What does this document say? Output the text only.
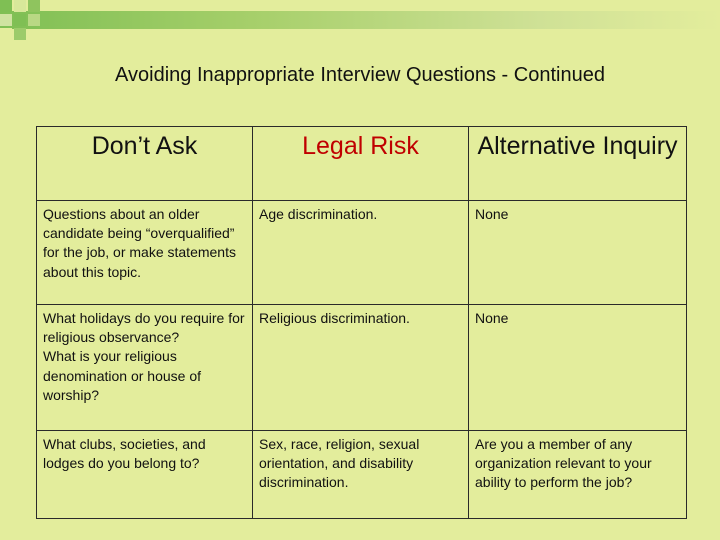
Avoiding Inappropriate Interview Questions - Continued
Don’t Ask	Legal Risk	Alternative Inquiry

Questions about an older candidate being “overqualified” for the job, or make statements about this topic.	Age discrimination.	None

What holidays do you require for religious observance?
What is your religious denomination or house of worship?	Religious discrimination.	None

What clubs, societies, and lodges do you belong to?	Sex, race, religion, sexual orientation, and disability discrimination.	Are you a member of any organization relevant to your ability to perform the job?
